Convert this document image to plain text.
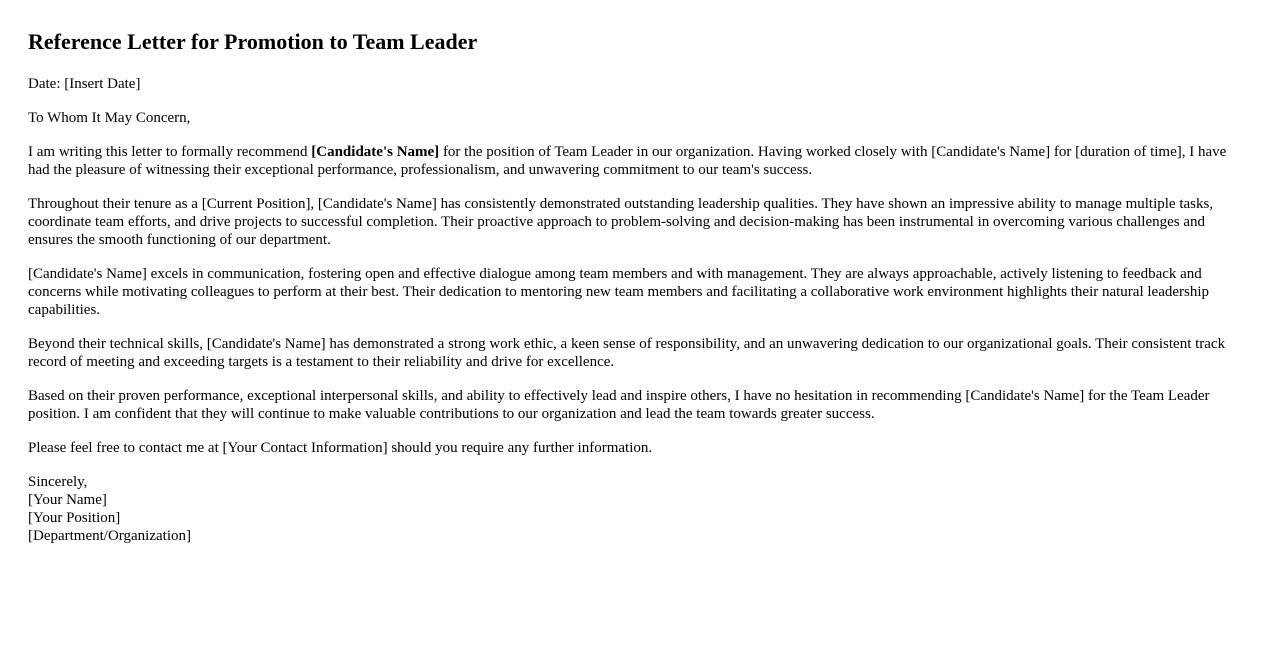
Reference Letter for Promotion to Team Leader

Date: [Insert Date]

To Whom It May Concern,

I am writing this letter to formally recommend [Candidate's Name] for the position of Team Leader in our organization. Having worked closely with [Candidate's Name] for [duration of time], I have had the pleasure of witnessing their exceptional performance, professionalism, and unwavering commitment to our team's success.

Throughout their tenure as a [Current Position], [Candidate's Name] has consistently demonstrated outstanding leadership qualities. They have shown an impressive ability to manage multiple tasks, coordinate team efforts, and drive projects to successful completion. Their proactive approach to problem-solving and decision-making has been instrumental in overcoming various challenges and ensures the smooth functioning of our department.

[Candidate's Name] excels in communication, fostering open and effective dialogue among team members and with management. They are always approachable, actively listening to feedback and concerns while motivating colleagues to perform at their best. Their dedication to mentoring new team members and facilitating a collaborative work environment highlights their natural leadership capabilities.

Beyond their technical skills, [Candidate's Name] has demonstrated a strong work ethic, a keen sense of responsibility, and an unwavering dedication to our organizational goals. Their consistent track record of meeting and exceeding targets is a testament to their reliability and drive for excellence.

Based on their proven performance, exceptional interpersonal skills, and ability to effectively lead and inspire others, I have no hesitation in recommending [Candidate's Name] for the Team Leader position. I am confident that they will continue to make valuable contributions to our organization and lead the team towards greater success.

Please feel free to contact me at [Your Contact Information] should you require any further information.

Sincerely,
[Your Name]
[Your Position]
[Department/Organization]
